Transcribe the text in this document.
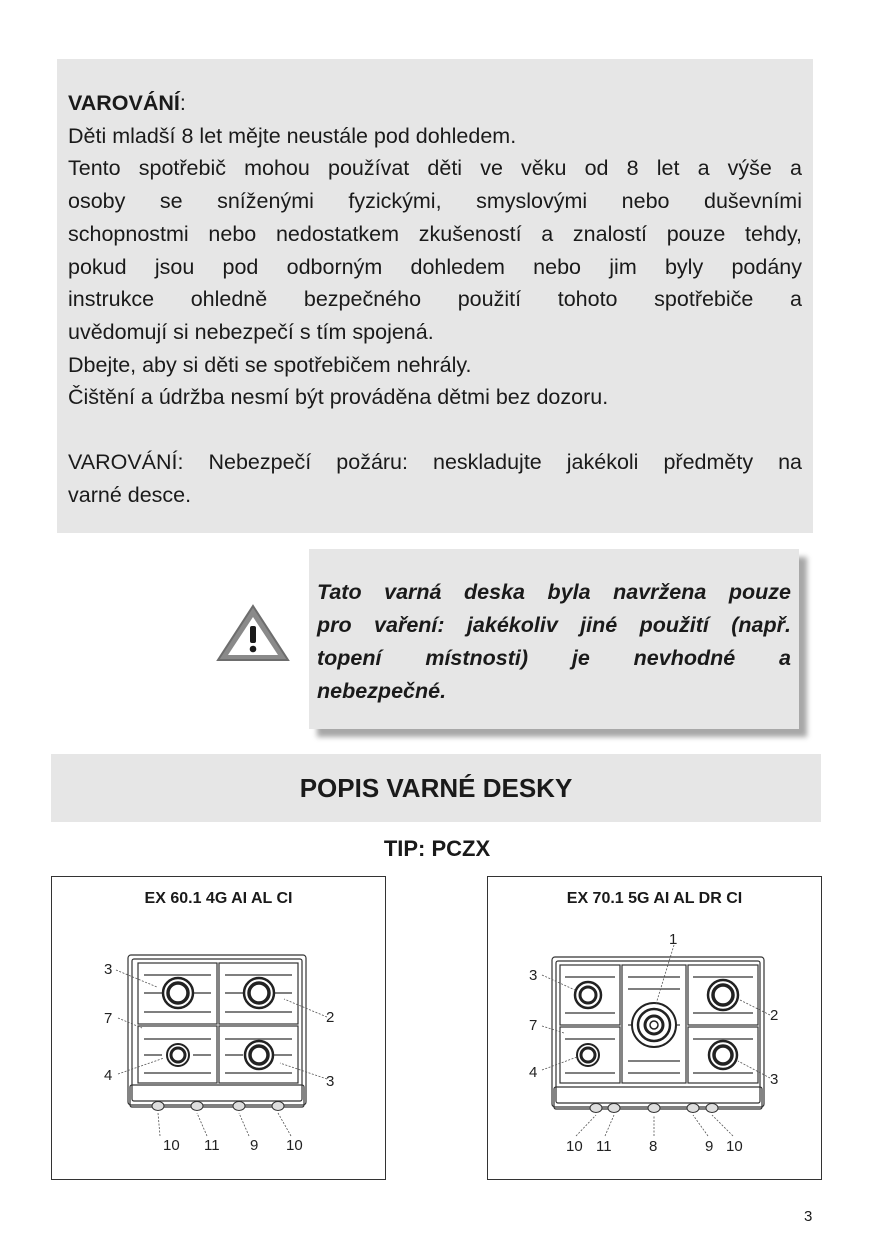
VAROVÁNÍ:

Děti mladší 8 let mějte neustále pod dohledem.

Tento spotřebič mohou používat děti ve věku od 8 let a výše a

osoby se sníženými fyzickými, smyslovými nebo duševními

schopnostmi nebo nedostatkem zkušeností a znalostí pouze tehdy,

pokud jsou pod odborným dohledem nebo jim byly podány

instrukce ohledně bezpečného použití tohoto spotřebiče a

uvědomují si nebezpečí s tím spojená.

Dbejte, aby si děti se spotřebičem nehrály.

Čištění a údržba nesmí být prováděna dětmi bez dozoru.

VAROVÁNÍ: Nebezpečí požáru: neskladujte jakékoli předměty na

varné desce.

Tato varná deska byla navržena pouze
pro vaření: jakékoliv jiné použití (např.
topení místnosti) je nevhodné a
nebezpečné.
POPIS VARNÉ DESKY
TIP: PCZX
EX 60.1 4G AI AL CI
3
7
4
2
3
10 11 9 10
EX 70.1 5G AI AL DR CI
1
3
7
4
2
3
10 11 8	9 10
3
